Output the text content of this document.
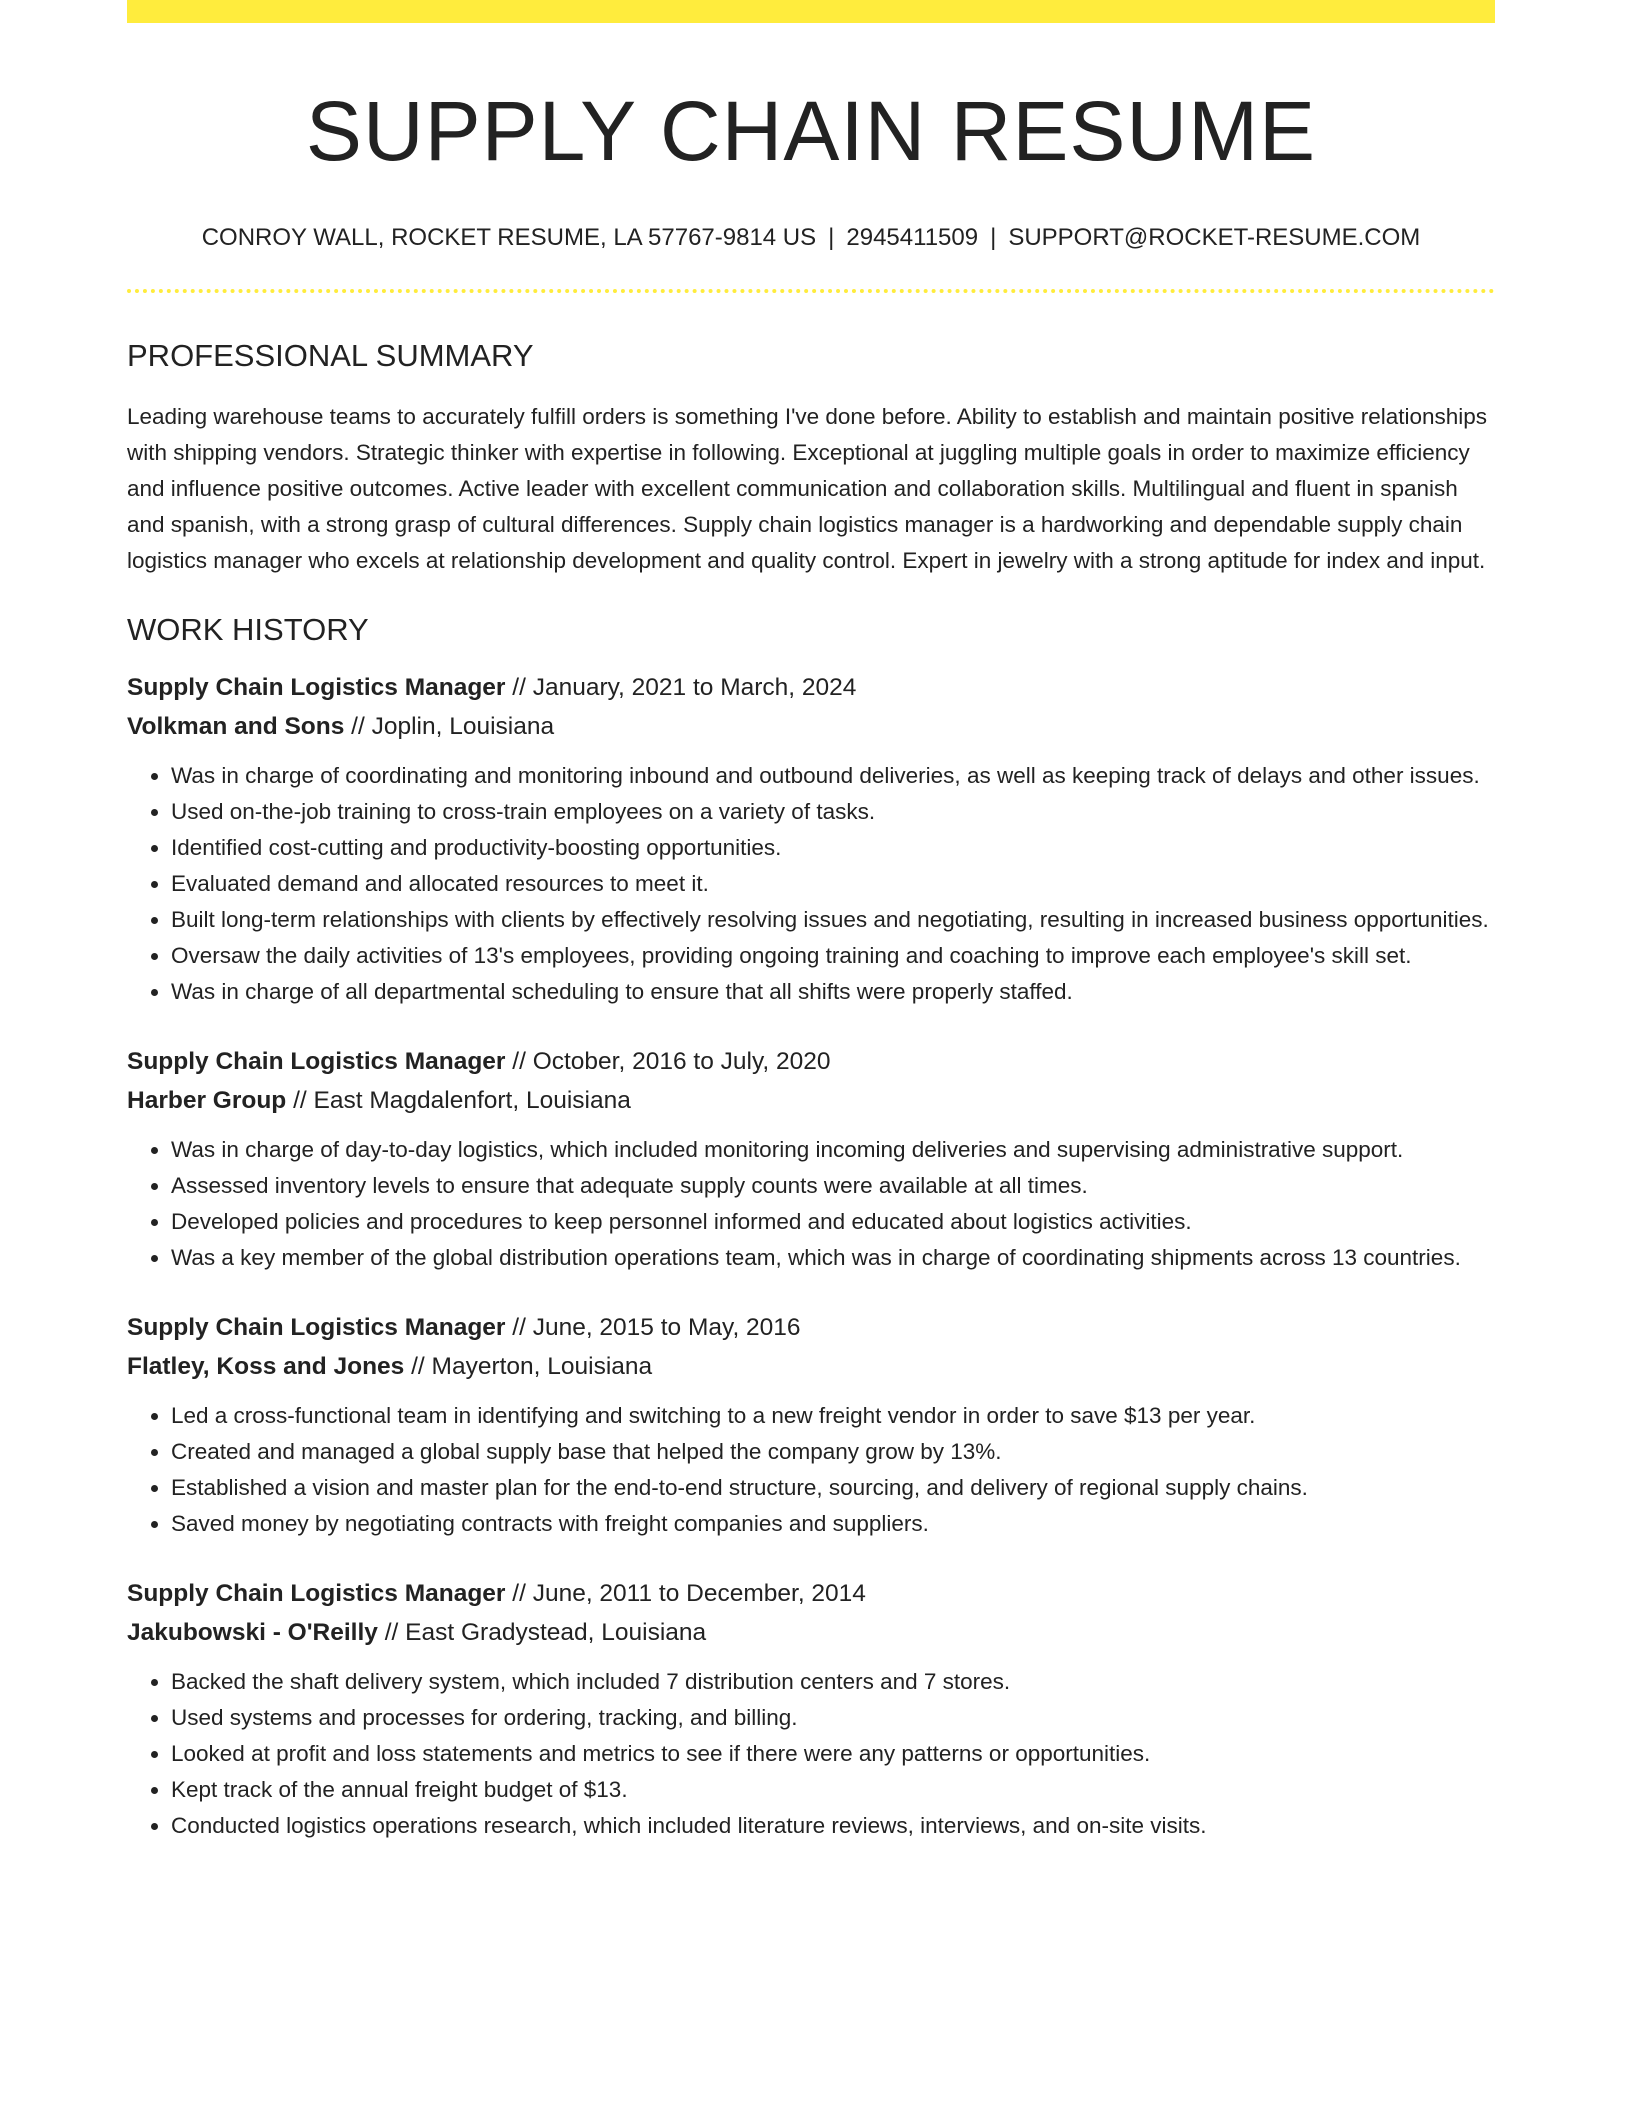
SUPPLY CHAIN RESUME
CONROY WALL, ROCKET RESUME, LA 57767-9814 US | 2945411509 | SUPPORT@ROCKET-RESUME.COM
PROFESSIONAL SUMMARY

Leading warehouse teams to accurately fulfill orders is something I've done before. Ability to establish and maintain positive relationships with shipping vendors. Strategic thinker with expertise in following. Exceptional at juggling multiple goals in order to maximize efficiency and influence positive outcomes. Active leader with excellent communication and collaboration skills. Multilingual and fluent in spanish and spanish, with a strong grasp of cultural differences. Supply chain logistics manager is a hardworking and dependable supply chain logistics manager who excels at relationship development and quality control. Expert in jewelry with a strong aptitude for index and input.

WORK HISTORY
Supply Chain Logistics Manager // January, 2021 to March, 2024
Volkman and Sons // Joplin, Louisiana
• Was in charge of coordinating and monitoring inbound and outbound deliveries, as well as keeping track of delays and other issues.
• Used on-the-job training to cross-train employees on a variety of tasks.
• Identified cost-cutting and productivity-boosting opportunities.
• Evaluated demand and allocated resources to meet it.
• Built long-term relationships with clients by effectively resolving issues and negotiating, resulting in increased business opportunities.
• Oversaw the daily activities of 13's employees, providing ongoing training and coaching to improve each employee's skill set.
• Was in charge of all departmental scheduling to ensure that all shifts were properly staffed.
Supply Chain Logistics Manager // October, 2016 to July, 2020
Harber Group // East Magdalenfort, Louisiana
• Was in charge of day-to-day logistics, which included monitoring incoming deliveries and supervising administrative support.
• Assessed inventory levels to ensure that adequate supply counts were available at all times.
• Developed policies and procedures to keep personnel informed and educated about logistics activities.
• Was a key member of the global distribution operations team, which was in charge of coordinating shipments across 13 countries.
Supply Chain Logistics Manager // June, 2015 to May, 2016
Flatley, Koss and Jones // Mayerton, Louisiana
• Led a cross-functional team in identifying and switching to a new freight vendor in order to save $13 per year.
• Created and managed a global supply base that helped the company grow by 13%.
• Established a vision and master plan for the end-to-end structure, sourcing, and delivery of regional supply chains.
• Saved money by negotiating contracts with freight companies and suppliers.
Supply Chain Logistics Manager // June, 2011 to December, 2014
Jakubowski - O'Reilly // East Gradystead, Louisiana
• Backed the shaft delivery system, which included 7 distribution centers and 7 stores.
• Used systems and processes for ordering, tracking, and billing.
• Looked at profit and loss statements and metrics to see if there were any patterns or opportunities.
• Kept track of the annual freight budget of $13.
• Conducted logistics operations research, which included literature reviews, interviews, and on-site visits.
